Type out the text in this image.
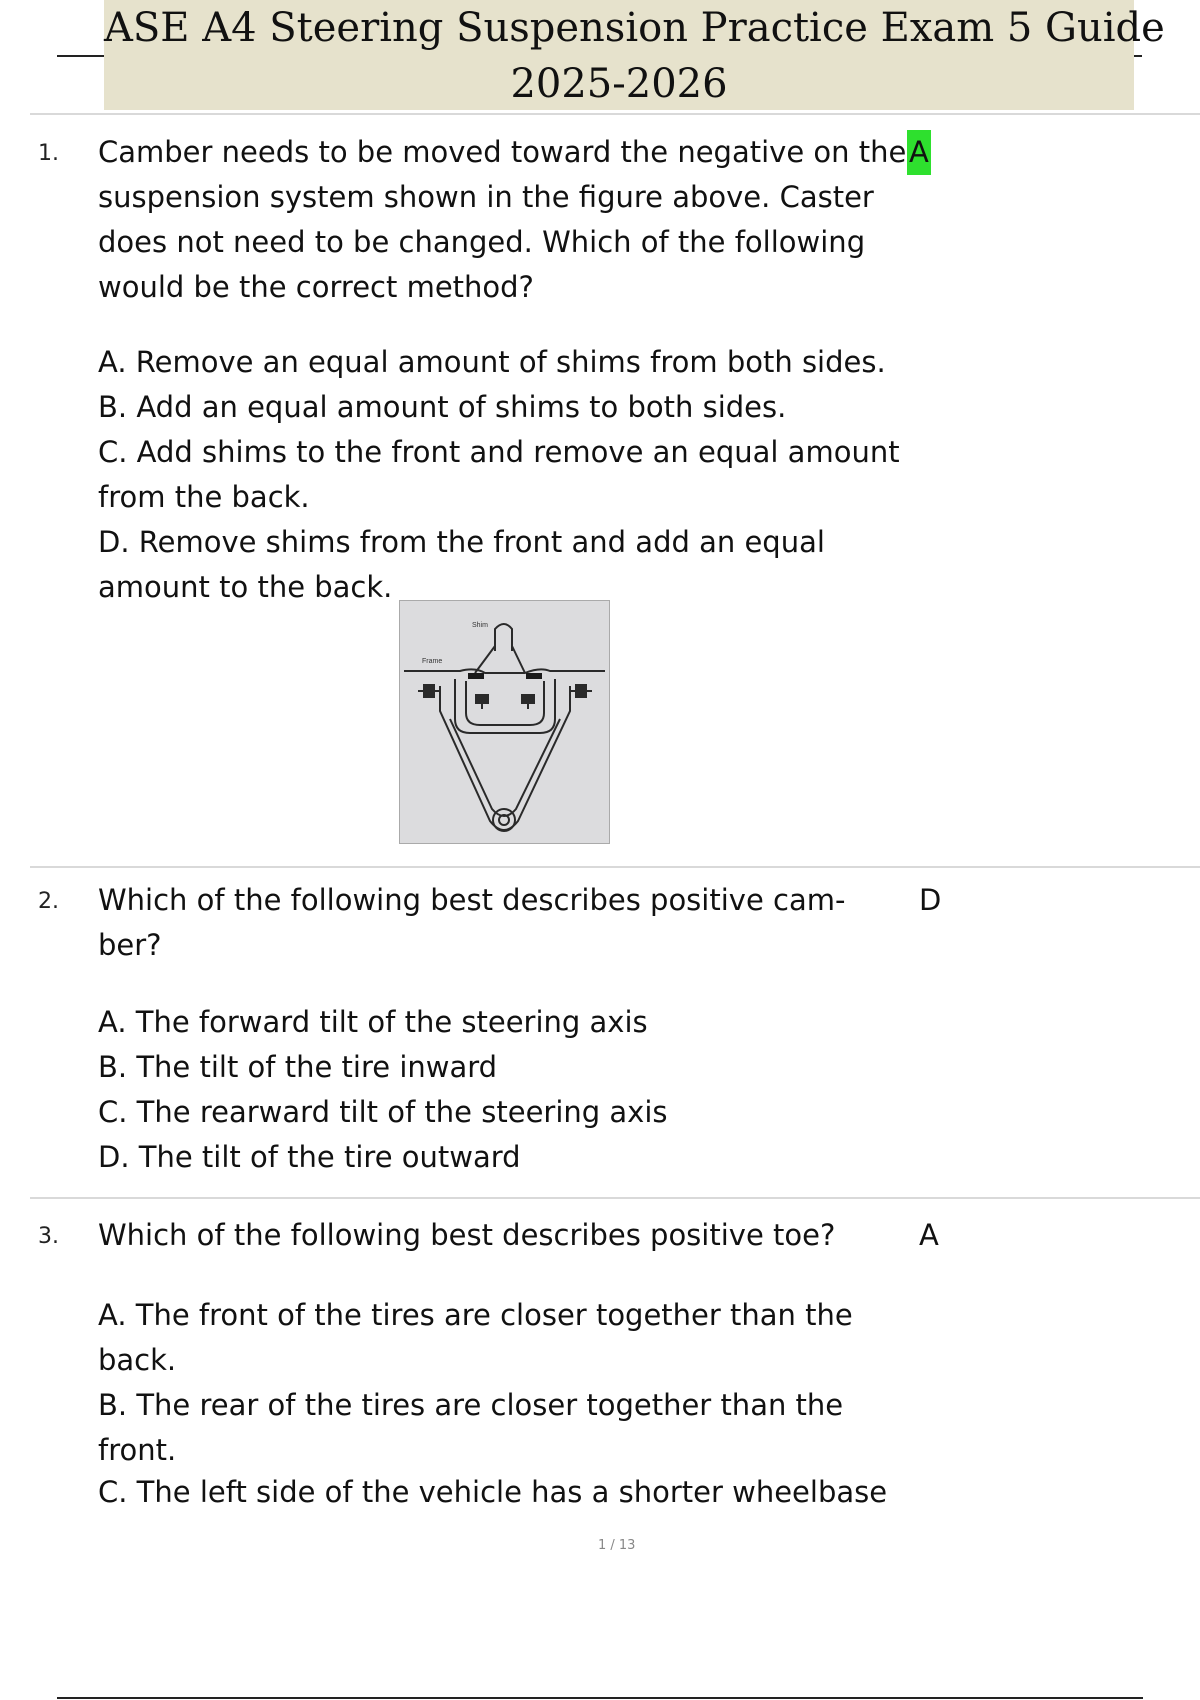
ASE A4 Steering Suspension Practice Exam 5 Guide
2025-2026
1. Camber needs to be moved toward the negative on the
suspension system shown in the figure above. Caster
does not need to be changed. Which of the following
would be the correct method?
A
A. Remove an equal amount of shims from both sides.
B. Add an equal amount of shims to both sides.
C. Add shims to the front and remove an equal amount
from the back.
D. Remove shims from the front and add an equal
amount to the back.
Shim
Frame
2. Which of the following best describes positive cam-
ber?
D
A. The forward tilt of the steering axis
B. The tilt of the tire inward
C. The rearward tilt of the steering axis
D. The tilt of the tire outward
3. Which of the following best describes positive toe?	A
A. The front of the tires are closer together than the
back.
B. The rear of the tires are closer together than the
front.
C. The left side of the vehicle has a shorter wheelbase
1 / 13
